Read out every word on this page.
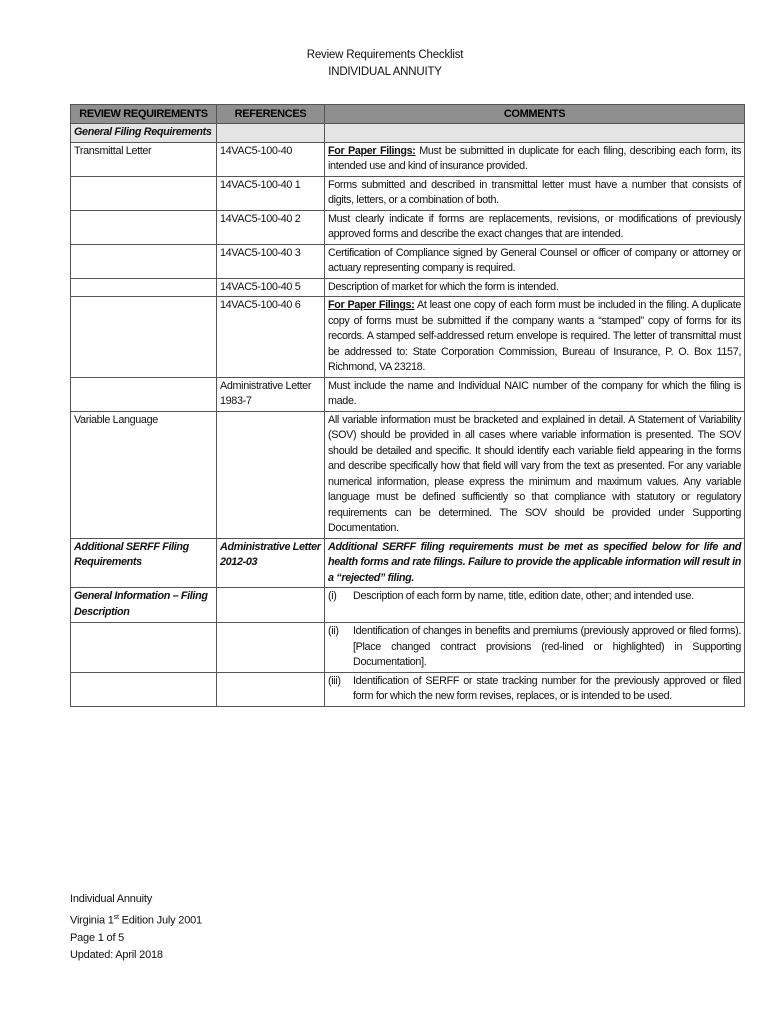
Review Requirements Checklist
INDIVIDUAL ANNUITY
REVIEW REQUIREMENTS	REFERENCES	COMMENTS
General Filing Requirements		
Transmittal Letter	14VAC5-100-40	For Paper Filings: Must be submitted in duplicate for each filing, describing each form, its intended use and kind of insurance provided.
	14VAC5-100-40 1	Forms submitted and described in transmittal letter must have a number that consists of digits, letters, or a combination of both.
	14VAC5-100-40 2	Must clearly indicate if forms are replacements, revisions, or modifications of previously approved forms and describe the exact changes that are intended.
	14VAC5-100-40 3	Certification of Compliance signed by General Counsel or officer of company or attorney or actuary representing company is required.
	14VAC5-100-40 5	Description of market for which the form is intended.
	14VAC5-100-40 6	For Paper Filings: At least one copy of each form must be included in the filing. A duplicate copy of forms must be submitted if the company wants a “stamped” copy of forms for its records. A stamped self-addressed return envelope is required. The letter of transmittal must be addressed to: State Corporation Commission, Bureau of Insurance, P. O. Box 1157, Richmond, VA 23218.
	Administrative Letter 1983-7	Must include the name and Individual NAIC number of the company for which the filing is made.
Variable Language		All variable information must be bracketed and explained in detail. A Statement of Variability (SOV) should be provided in all cases where variable information is presented. The SOV should be detailed and specific. It should identify each variable field appearing in the forms and describe specifically how that field will vary from the text as presented. For any variable numerical information, please express the minimum and maximum values. Any variable language must be defined sufficiently so that compliance with statutory or regulatory requirements can be determined. The SOV should be provided under Supporting Documentation.
Additional SERFF Filing Requirements	Administrative Letter 2012-03	Additional SERFF filing requirements must be met as specified below for life and health forms and rate filings. Failure to provide the applicable information will result in a “rejected” filing.
General Information – Filing Description		(i) Description of each form by name, title, edition date, other; and intended use.

		(ii) Identification of changes in benefits and premiums (previously approved or filed forms). [Place changed contract provisions (red-lined or highlighted) in Supporting Documentation].

		(iii) Identification of SERFF or state tracking number for the previously approved or filed form for which the new form revises, replaces, or is intended to be used.
Individual Annuity
Virginia 1st Edition July 2001
Page 1 of 5
Updated: April 2018
